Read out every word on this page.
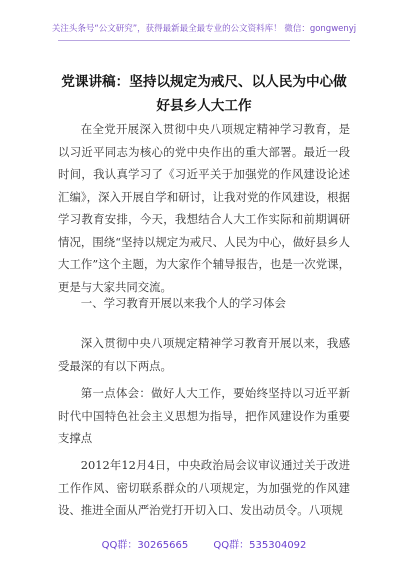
关注头条号“公文研究”，获得最新最全最专业的公文资料库！ 微信：gongwenyj
党课讲稿：坚持以规定为戒尺、以人民为中心做好县乡人大工作
在全党开展深入贯彻中央八项规定精神学习教育，是以习近平同志为核心的党中央作出的重大部署。最近一段时间，我认真学习了《习近平关于加强党的作风建设论述汇编》，深入开展自学和研讨，让我对党的作风建设，根据学习教育安排，今天，我想结合人大工作实际和前期调研情况，围绕“坚持以规定为戒尺、人民为中心，做好县乡人大工作”这个主题，为大家作个辅导报告，也是一次党课，更是与大家共同交流。
一、学习教育开展以来我个人的学习体会
深入贯彻中央八项规定精神学习教育开展以来，我感受最深的有以下两点。
第一点体会：做好人大工作，要始终坚持以习近平新时代中国特色社会主义思想为指导，把作风建设作为重要支撑点
2012年12月4日，中央政治局会议审议通过关于改进工作作风、密切联系群众的八项规定，为加强党的作风建设、推进全面从严治党打开切入口、发出动员令。八项规
QQ群：30265665	QQ群：535304092
